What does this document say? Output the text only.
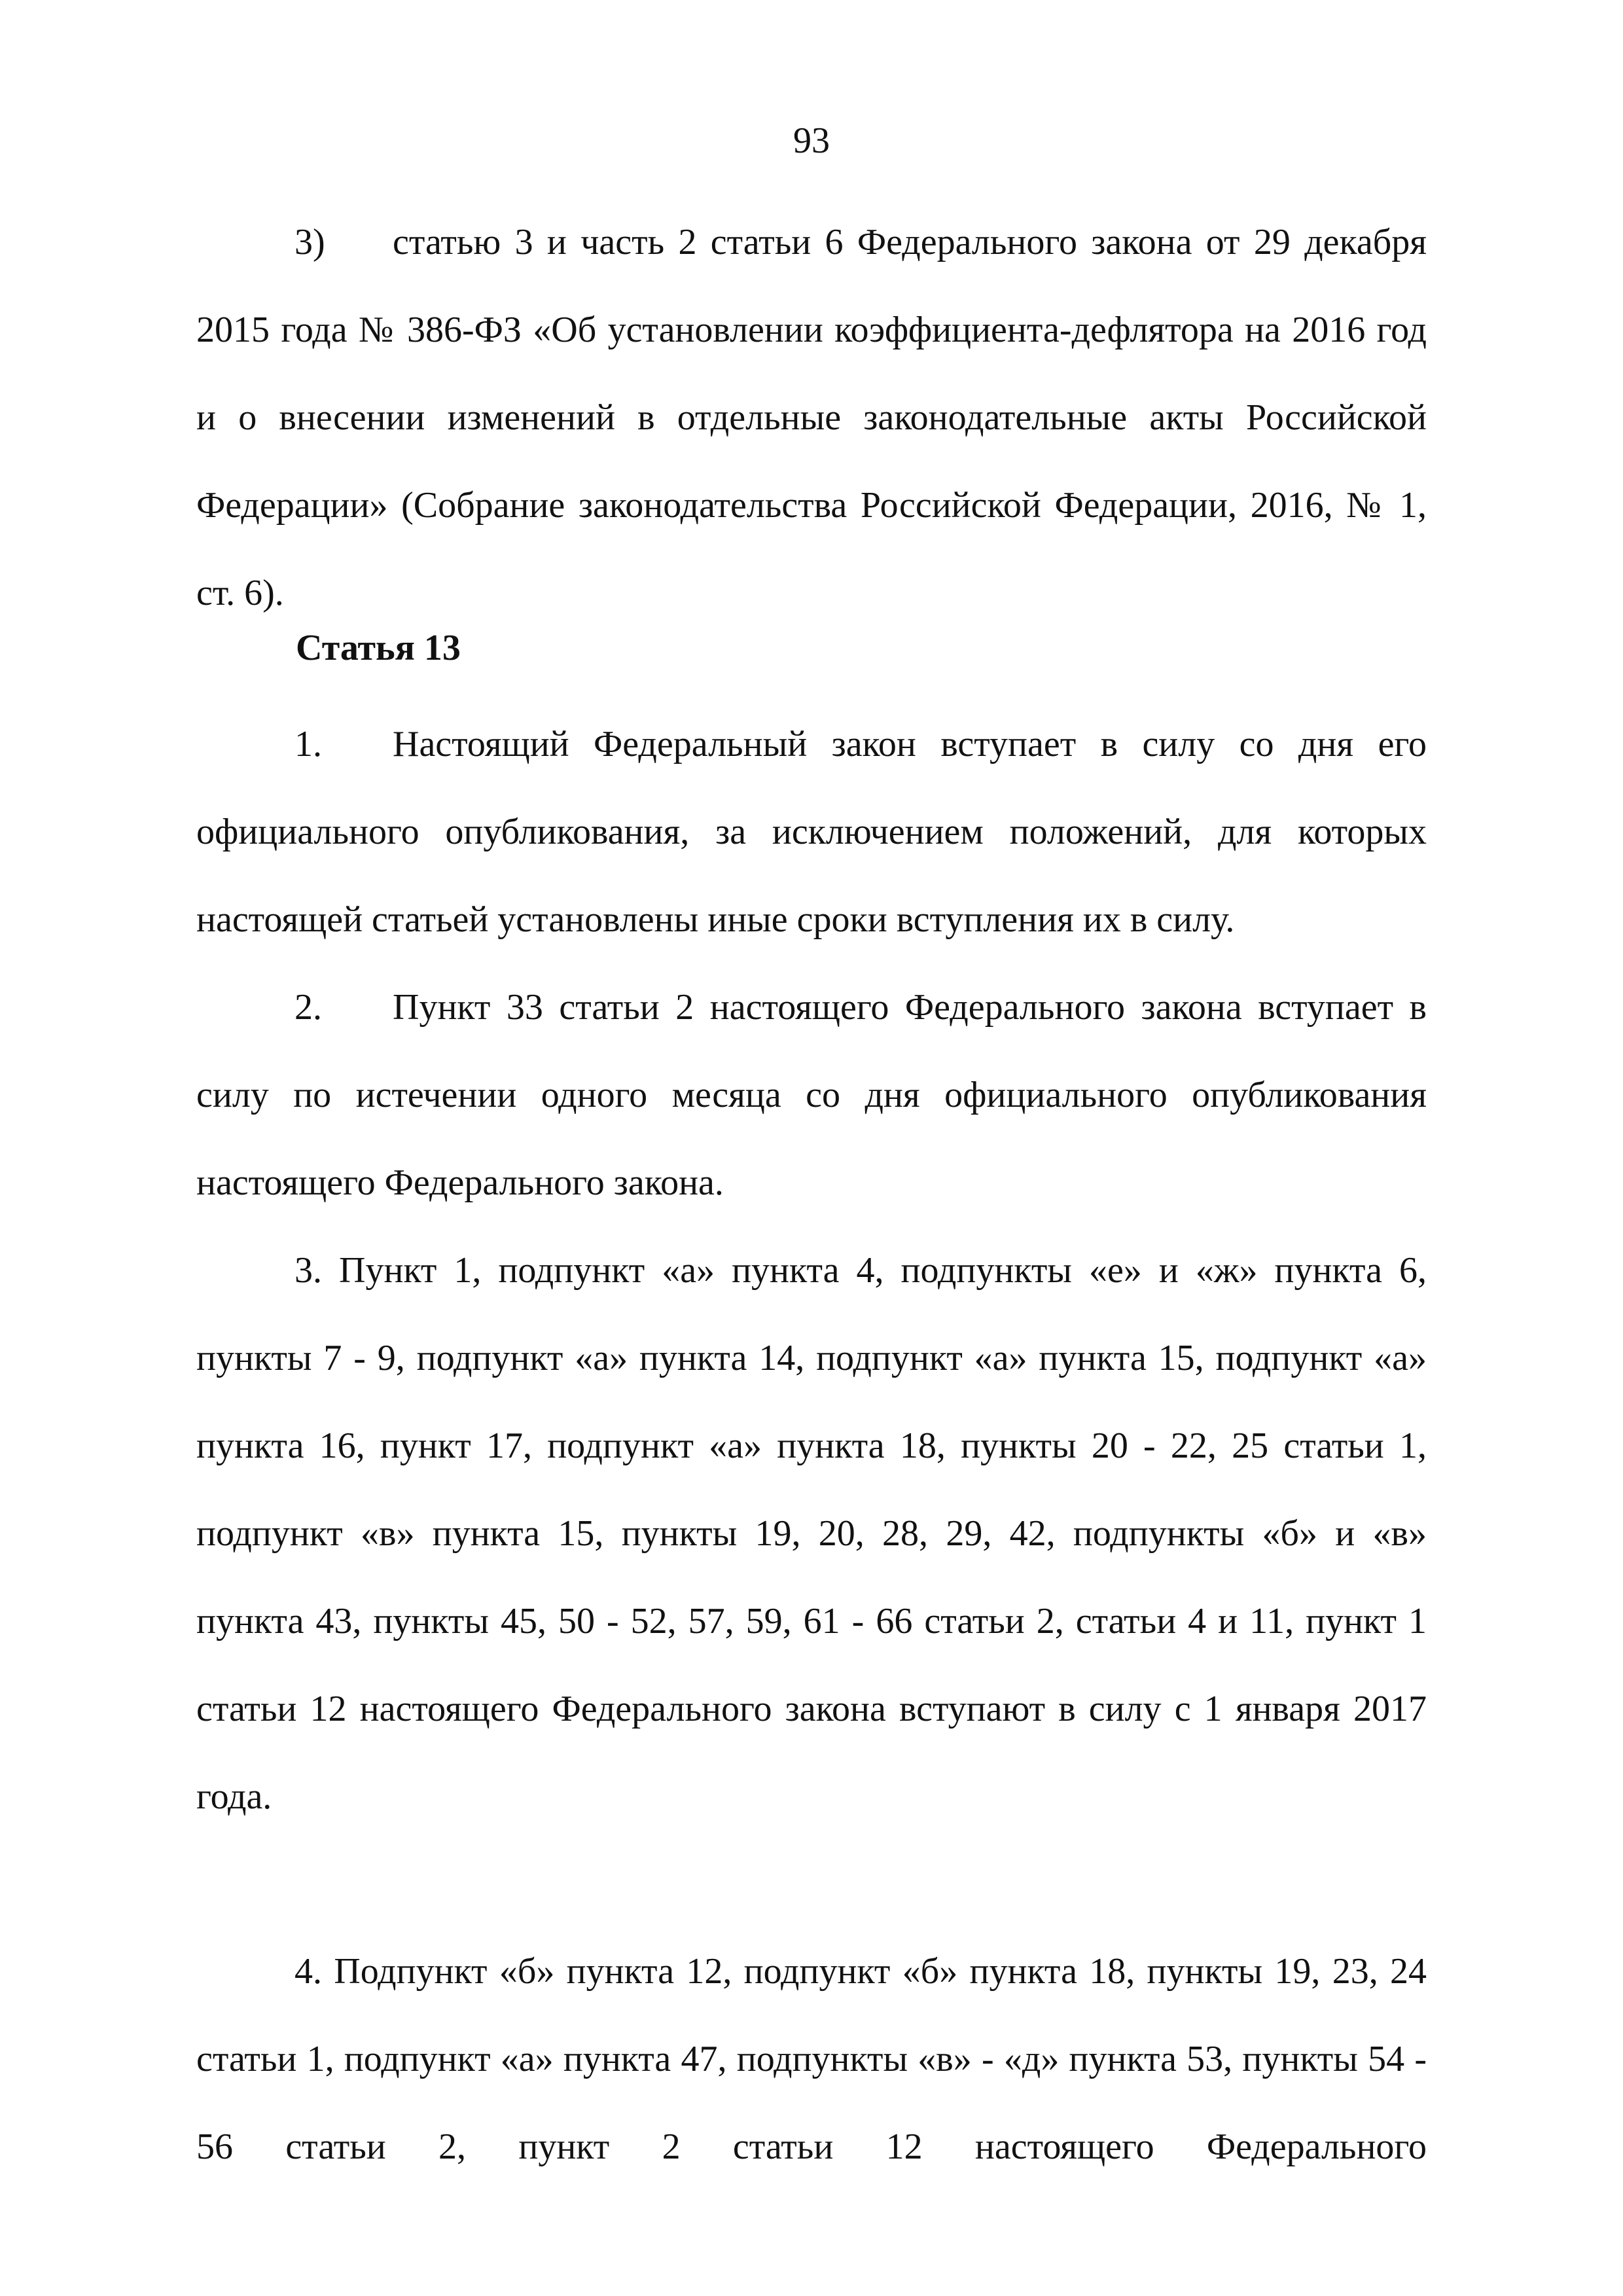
93

3) статью 3 и часть 2 статьи 6 Федерального закона от 29 декабря 2015 года № 386-ФЗ «Об установлении коэффициента-дефлятора на 2016 год и о внесении изменений в отдельные законодательные акты Российской Федерации» (Собрание законодательства Российской Федерации, 2016, № 1, ст. 6).

Статья 13

1. Настоящий Федеральный закон вступает в силу со дня его официального опубликования, за исключением положений, для которых настоящей статьей установлены иные сроки вступления их в силу.

2. Пункт 33 статьи 2 настоящего Федерального закона вступает в силу по истечении одного месяца со дня официального опубликования настоящего Федерального закона.

3. Пункт 1, подпункт «а» пункта 4, подпункты «е» и «ж» пункта 6, пункты 7 - 9, подпункт «а» пункта 14, подпункт «а» пункта 15, подпункт «а» пункта 16, пункт 17, подпункт «а» пункта 18, пункты 20 - 22, 25 статьи 1, подпункт «в» пункта 15, пункты 19, 20, 28, 29, 42, подпункты «б» и «в» пункта 43, пункты 45, 50 - 52, 57, 59, 61 - 66 статьи 2, статьи 4 и 11, пункт 1 статьи 12 настоящего Федерального закона вступают в силу с 1 января 2017 года.

4. Подпункт «б» пункта 12, подпункт «б» пункта 18, пункты 19, 23, 24 статьи 1, подпункт «а» пункта 47, подпункты «в» - «д» пункта 53, пункты 54 - 56 статьи 2, пункт 2 статьи 12 настоящего Федерального
